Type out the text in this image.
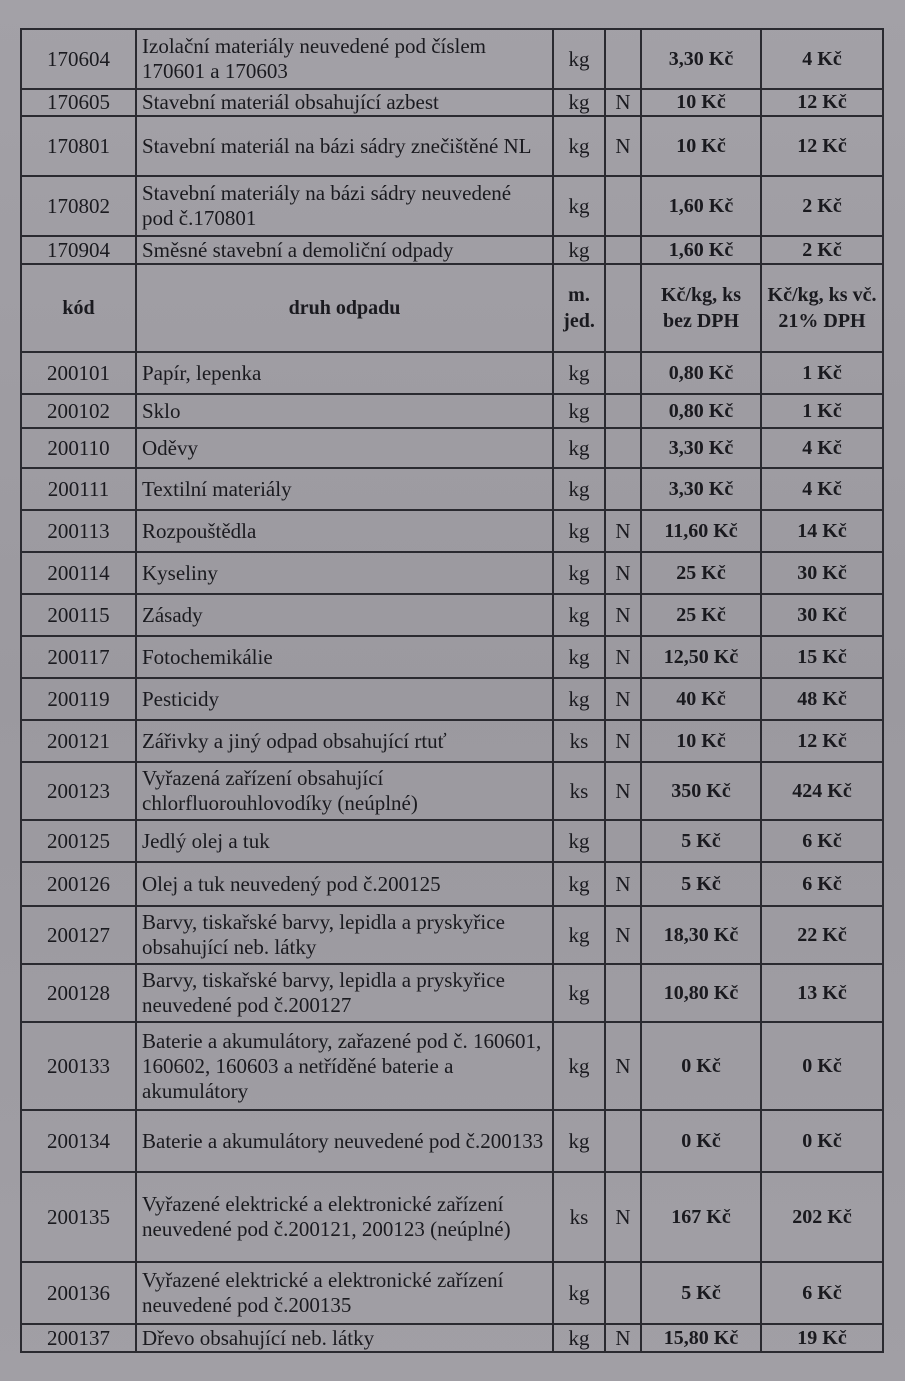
170604	Izolační materiály neuvedené pod číslem 170601 a 170603	kg		3,30 Kč	4 Kč
170605	Stavební materiál obsahující azbest	kg	N	10 Kč	12 Kč
170801	Stavební materiál na bázi sádry znečištěné NL	kg	N	10 Kč	12 Kč
170802	Stavební materiály na bázi sádry neuvedené pod č.170801	kg		1,60 Kč	2 Kč
170904	Směsné stavební a demoliční odpady	kg		1,60 Kč	2 Kč
kód	druh odpadu	m. jed.		Kč/kg, ks bez DPH	Kč/kg, ks vč. 21% DPH
200101	Papír, lepenka	kg		0,80 Kč	1 Kč
200102	Sklo	kg		0,80 Kč	1 Kč
200110	Oděvy	kg		3,30 Kč	4 Kč
200111	Textilní materiály	kg		3,30 Kč	4 Kč
200113	Rozpouštědla	kg	N	11,60 Kč	14 Kč
200114	Kyseliny	kg	N	25 Kč	30 Kč
200115	Zásady	kg	N	25 Kč	30 Kč
200117	Fotochemikálie	kg	N	12,50 Kč	15 Kč
200119	Pesticidy	kg	N	40 Kč	48 Kč
200121	Zářivky a jiný odpad obsahující rtuť	ks	N	10 Kč	12 Kč
200123	Vyřazená zařízení obsahující chlorfluorouhlovodíky (neúplné)	ks	N	350 Kč	424 Kč
200125	Jedlý olej a tuk	kg		5 Kč	6 Kč
200126	Olej a tuk neuvedený pod č.200125	kg	N	5 Kč	6 Kč
200127	Barvy, tiskařské barvy, lepidla a pryskyřice obsahující neb. látky	kg	N	18,30 Kč	22 Kč
200128	Barvy, tiskařské barvy, lepidla a pryskyřice neuvedené pod č.200127	kg		10,80 Kč	13 Kč
200133	Baterie a akumulátory, zařazené pod č. 160601, 160602, 160603 a netříděné baterie a akumulátory	kg	N	0 Kč	0 Kč
200134	Baterie a akumulátory neuvedené pod č.200133	kg		0 Kč	0 Kč
200135	Vyřazené elektrické a elektronické zařízení neuvedené pod č.200121, 200123 (neúplné)	ks	N	167 Kč	202 Kč
200136	Vyřazené elektrické a elektronické zařízení neuvedené pod č.200135	kg		5 Kč	6 Kč
200137	Dřevo obsahující neb. látky	kg	N	15,80 Kč	19 Kč
